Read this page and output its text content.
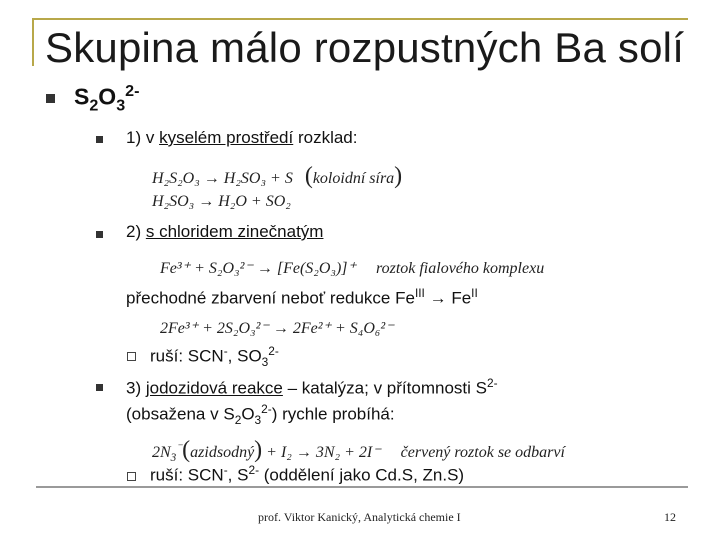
Skupina málo rozpustných Ba solí
$S_2O_3^{2-}$
1) v kyselém prostředí rozklad:
H₂S₂O₃ → H₂SO₃ + S (koloidní síra)
H₂SO₃ → H₂O + SO₂
2) s chloridem zinečnatým
Fe³⁺ + S₂O₃²⁻ → [Fe(S₂O₃)]⁺ roztok fialového komplexu
přechodné zbarvení neboť redukce $Fe^{III} \to Fe^{II}$
2Fe³⁺ + 2S₂O₃²⁻ → 2Fe²⁺ + S₄O₆²⁻
ruší: SCN-, $SO_3^{2-}$
3) jodozidová reakce – katalýza; v přítomnosti $S^{2-}$
(obsažena v $S_2O_3^{2-}$) rychle probíhá:
$2N_3^{^-}(azidsodný) + I_2 \to 3N_2 + 2I^-$ červený roztok se odbarví
ruší: SCN-, $S^{2-}$ (oddělení jako Cd.S, Zn.S)
prof. Viktor Kanický, Analytická chemie I	12
